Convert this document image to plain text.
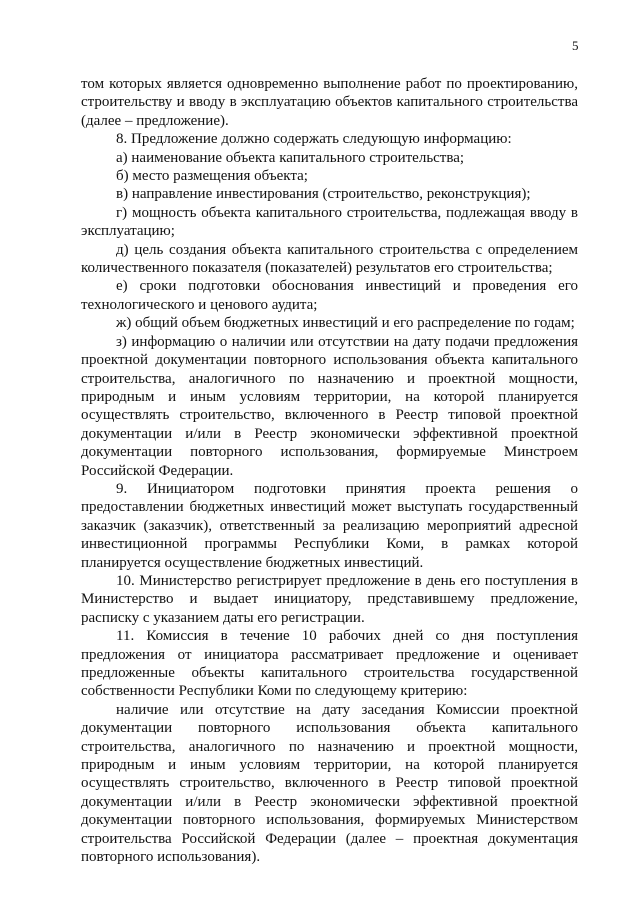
5

том которых является одновременно выполнение работ по проектированию, строительству и вводу в эксплуатацию объектов капитального строительства (далее – предложение).

8. Предложение должно содержать следующую информацию:

а) наименование объекта капитального строительства;

б) место размещения объекта;

в) направление инвестирования (строительство, реконструкция);

г) мощность объекта капитального строительства, подлежащая вводу в эксплуатацию;

д) цель создания объекта капитального строительства с определением количественного показателя (показателей) результатов его строительства;

е) сроки подготовки обоснования инвестиций и проведения его технологического и ценового аудита;

ж) общий объем бюджетных инвестиций и его распределение по годам;

з) информацию о наличии или отсутствии на дату подачи предложения проектной документации повторного использования объекта капитального строительства, аналогичного по назначению и проектной мощности, природным и иным условиям территории, на которой планируется осуществлять строительство, включенного в Реестр типовой проектной документации и/или в Реестр экономически эффективной проектной документации повторного использования, формируемые Минстроем Российской Федерации.

9. Инициатором подготовки принятия проекта решения о предоставлении бюджетных инвестиций может выступать государственный заказчик (заказчик), ответственный за реализацию мероприятий адресной инвестиционной программы Республики Коми, в рамках которой планируется осуществление бюджетных инвестиций.

10. Министерство регистрирует предложение в день его поступления в Министерство и выдает инициатору, представившему предложение, расписку с указанием даты его регистрации.

11. Комиссия в течение 10 рабочих дней со дня поступления предложения от инициатора рассматривает предложение и оценивает предложенные объекты капитального строительства государственной собственности Республики Коми по следующему критерию:

наличие или отсутствие на дату заседания Комиссии проектной документации повторного использования объекта капитального строительства, аналогичного по назначению и проектной мощности, природным и иным условиям территории, на которой планируется осуществлять строительство, включенного в Реестр типовой проектной документации и/или в Реестр экономически эффективной проектной документации повторного использования, формируемых Министерством строительства Российской Федерации (далее – проектная документация повторного использования).
